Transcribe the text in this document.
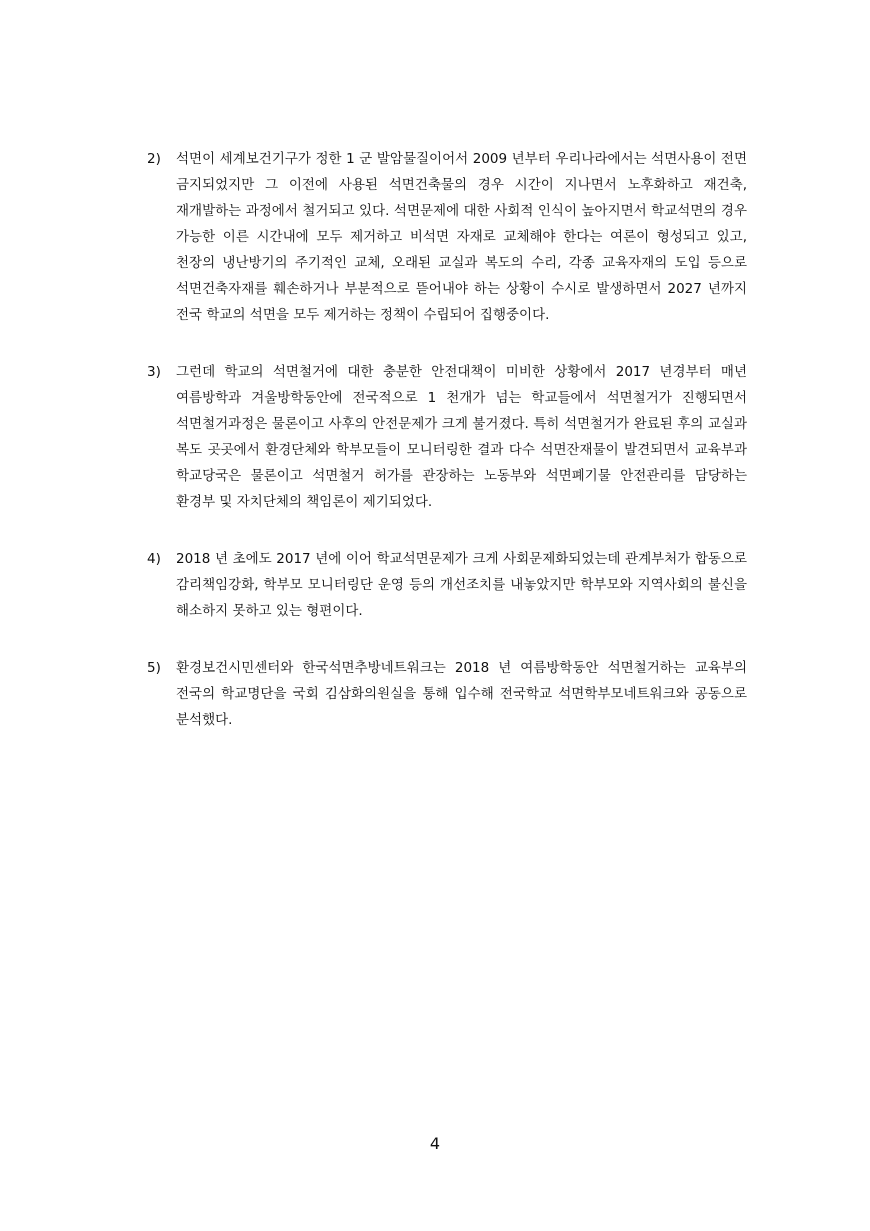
2) 석면이 세계보건기구가 정한 1 군 발암물질이어서 2009 년부터 우리나라에서는 석면사용이 전면 금지되었지만 그 이전에 사용된 석면건축물의 경우 시간이 지나면서 노후화하고 재건축, 재개발하는 과정에서 철거되고 있다. 석면문제에 대한 사회적 인식이 높아지면서 학교석면의 경우 가능한 이른 시간내에 모두 제거하고 비석면 자재로 교체해야 한다는 여론이 형성되고 있고, 천장의 냉난방기의 주기적인 교체, 오래된 교실과 복도의 수리, 각종 교육자재의 도입 등으로 석면건축자재를 훼손하거나 부분적으로 뜯어내야 하는 상황이 수시로 발생하면서 2027 년까지 전국 학교의 석면을 모두 제거하는 정책이 수립되어 집행중이다.
3) 그런데 학교의 석면철거에 대한 충분한 안전대책이 미비한 상황에서 2017 년경부터 매년 여름방학과 겨울방학동안에 전국적으로 1 천개가 넘는 학교들에서 석면철거가 진행되면서 석면철거과정은 물론이고 사후의 안전문제가 크게 불거졌다. 특히 석면철거가 완료된 후의 교실과 복도 곳곳에서 환경단체와 학부모들이 모니터링한 결과 다수 석면잔재물이 발견되면서 교육부과 학교당국은 물론이고 석면철거 허가를 관장하는 노동부와 석면폐기물 안전관리를 담당하는 환경부 및 자치단체의 책임론이 제기되었다.
4) 2018 년 초에도 2017 년에 이어 학교석면문제가 크게 사회문제화되었는데 관계부처가 합동으로 감리책임강화, 학부모 모니터링단 운영 등의 개선조치를 내놓았지만 학부모와 지역사회의 불신을 해소하지 못하고 있는 형편이다.
5) 환경보건시민센터와 한국석면추방네트워크는 2018 년 여름방학동안 석면철거하는 교육부의 전국의 학교명단을 국회 김삼화의원실을 통해 입수해 전국학교 석면학부모네트워크와 공동으로 분석했다.
4
